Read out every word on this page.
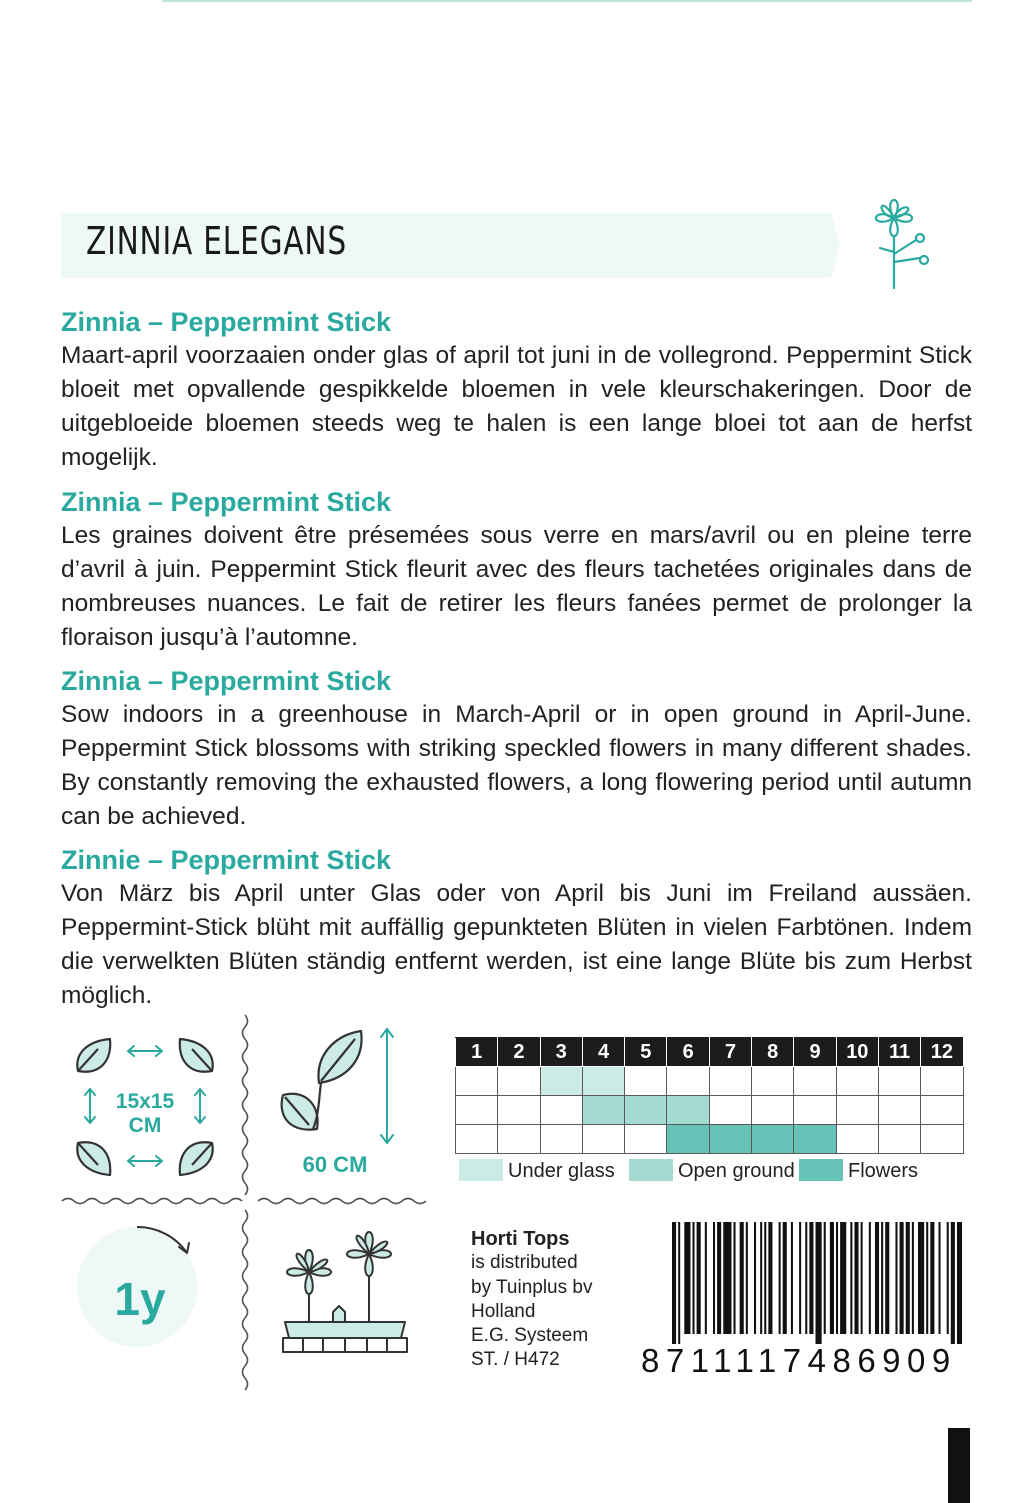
ZINNIA ELEGANS
Zinnia – Peppermint Stick

Maart-april voorzaaien onder glas of april tot juni in de vollegrond. Peppermint Stick bloeit met opvallende gespikkelde bloemen in vele kleurschakeringen. Door de uitgebloeide bloemen steeds weg te halen is een lange bloei tot aan de herfst mogelijk.

Zinnia – Peppermint Stick

Les graines doivent être présemées sous verre en mars/avril ou en pleine terre d’avril à juin. Peppermint Stick fleurit avec des fleurs tachetées originales dans de nombreuses nuances. Le fait de retirer les fleurs fanées permet de prolonger la floraison jusqu’à l’automne.

Zinnia – Peppermint Stick

Sow indoors in a greenhouse in March-April or in open ground in April-June. Peppermint Stick blossoms with striking speckled flowers in many different shades. By constantly removing the exhausted flowers, a long flowering period until autumn can be achieved.

Zinnie – Peppermint Stick

Von März bis April unter Glas oder von April bis Juni im Freiland aussäen. Peppermint-Stick blüht mit auffällig gepunkteten Blüten in vielen Farbtönen. Indem die verwelkten Blüten ständig entfernt werden, ist eine lange Blüte bis zum Herbst möglich.

15x15
CM
60 CM
1y
1	2	3	4	5	6	7	8	9	10	11	12

Under glass	Open ground	Flowers
Horti Tops
is distributed
by Tuinplus bv
Holland
E.G. Systeem
ST. / H472	8711117486909
